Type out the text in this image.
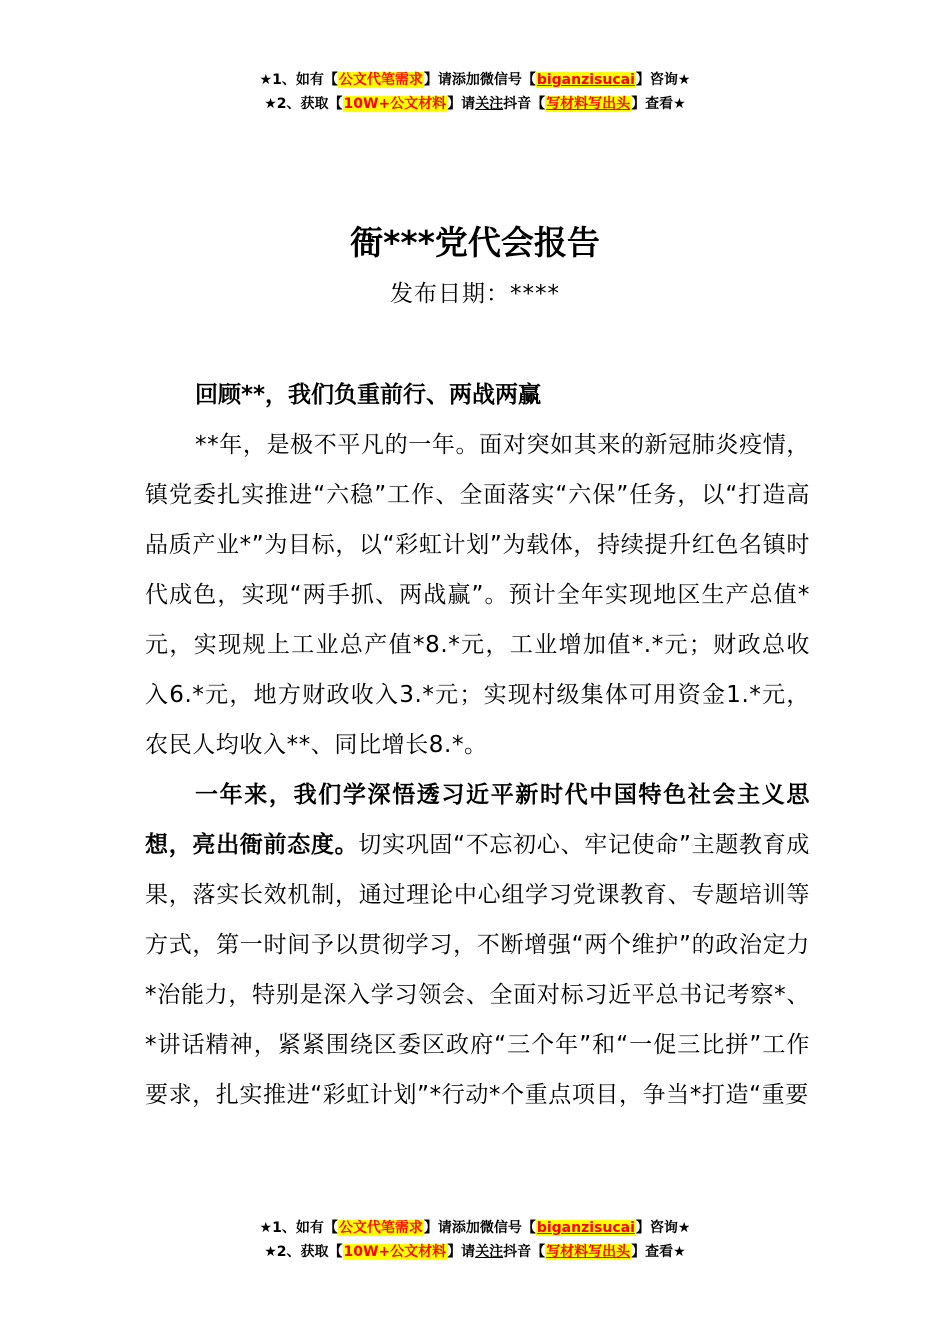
★1、如有【公文代笔需求】请添加微信号【biganzisucai】咨询★
★2、获取【10W+公文材料】请关注抖音【写材料写出头】查看★
衙***党代会报告
发布日期：****

回顾**，我们负重前行、两战两赢

**年，是极不平凡的一年。面对突如其来的新冠肺炎疫情，镇党委扎实推进“六稳”工作、全面落实“六保”任务，以“打造高品质产业*”为目标，以“彩虹计划”为载体，持续提升红色名镇时代成色，实现“两手抓、两战赢”。预计全年实现地区生产总值*元，实现规上工业总产值*8.*元，工业增加值*.*元；财政总收入6.*元，地方财政收入3.*元；实现村级集体可用资金1.*元，农民人均收入**、同比增长8.*。

一年来，我们学深悟透习近平新时代中国特色社会主义思想，亮出衙前态度。切实巩固“不忘初心、牢记使命”主题教育成果，落实长效机制，通过理论中心组学习党课教育、专题培训等方式，第一时间予以贯彻学习，不断增强“两个维护”的政治定力*治能力，特别是深入学习领会、全面对标习近平总书记考察*、*讲话精神，紧紧围绕区委区政府“三个年”和“一促三比拼”工作要求，扎实推进“彩虹计划”*行动*个重点项目，争当*打造“重要

★1、如有【公文代笔需求】请添加微信号【biganzisucai】咨询★
★2、获取【10W+公文材料】请关注抖音【写材料写出头】查看★
